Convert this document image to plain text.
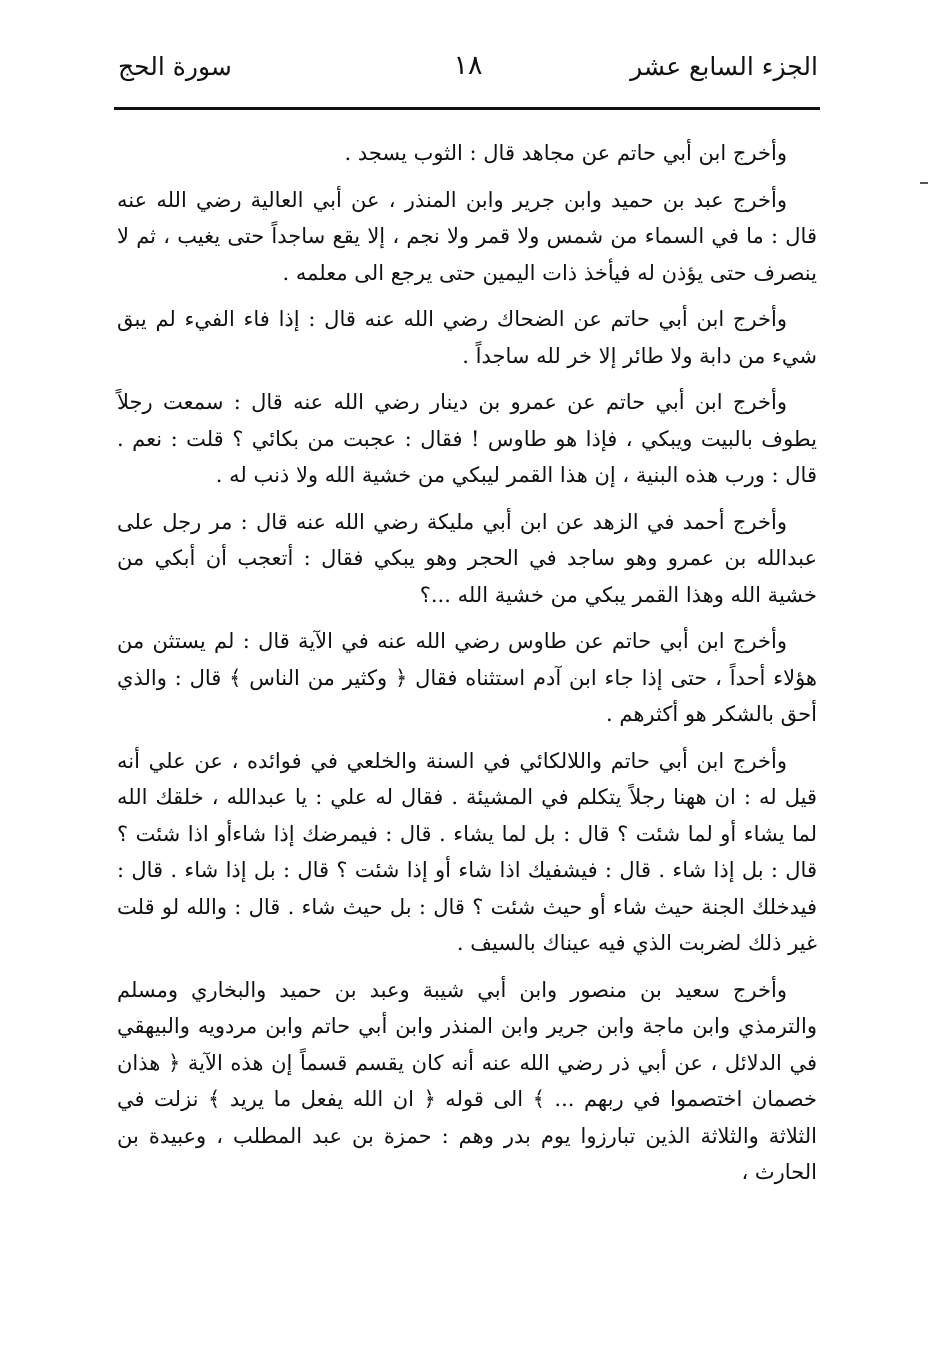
الجزء السابع عشر
١٨
سورة الحج

وأخرج ابن أبي حاتم عن مجاهد قال : الثوب يسجد .

وأخرج عبد بن حميد وابن جرير وابن المنذر ، عن أبي العالية رضي الله عنه قال : ما في السماء من شمس ولا قمر ولا نجم ، إلا يقع ساجداً حتى يغيب ، ثم لا ينصرف حتى يؤذن له فيأخذ ذات اليمين حتى يرجع الى معلمه .

وأخرج ابن أبي حاتم عن الضحاك رضي الله عنه قال : إذا فاء الفيء لم يبق شيء من دابة ولا طائر إلا خر لله ساجداً .

وأخرج ابن أبي حاتم عن عمرو بن دينار رضي الله عنه قال : سمعت رجلاً يطوف بالبيت ويبكي ، فإذا هو طاوس ! فقال : عجبت من بكائي ؟ قلت : نعم . قال : ورب هذه البنية ، إن هذا القمر ليبكي من خشية الله ولا ذنب له .

وأخرج أحمد في الزهد عن ابن أبي مليكة رضي الله عنه قال : مر رجل على عبدالله بن عمرو وهو ساجد في الحجر وهو يبكي فقال : أتعجب أن أبكي من خشية الله وهذا القمر يبكي من خشية الله ...؟

وأخرج ابن أبي حاتم عن طاوس رضي الله عنه في الآية قال : لم يستثن من هؤلاء أحداً ، حتى إذا جاء ابن آدم استثناه فقال ﴿ وكثير من الناس ﴾ قال : والذي أحق بالشكر هو أكثرهم .

وأخرج ابن أبي حاتم واللالكائي في السنة والخلعي في فوائده ، عن علي أنه قيل له : ان ههنا رجلاً يتكلم في المشيئة . فقال له علي : يا عبدالله ، خلقك الله لما يشاء أو لما شئت ؟ قال : بل لما يشاء . قال : فيمرضك إذا شاءأو اذا شئت ؟ قال : بل إذا شاء . قال : فيشفيك اذا شاء أو إذا شئت ؟ قال : بل إذا شاء . قال : فيدخلك الجنة حيث شاء أو حيث شئت ؟ قال : بل حيث شاء . قال : والله لو قلت غير ذلك لضربت الذي فيه عيناك بالسيف .

وأخرج سعيد بن منصور وابن أبي شيبة وعبد بن حميد والبخاري ومسلم والترمذي وابن ماجة وابن جرير وابن المنذر وابن أبي حاتم وابن مردويه والبيهقي في الدلائل ، عن أبي ذر رضي الله عنه أنه كان يقسم قسماً إن هذه الآية ﴿ هذان خصمان اختصموا في ربهم ... ﴾ الى قوله ﴿ ان الله يفعل ما يريد ﴾ نزلت في الثلاثة والثلاثة الذين تبارزوا يوم بدر وهم : حمزة بن عبد المطلب ، وعبيدة بن الحارث ،
